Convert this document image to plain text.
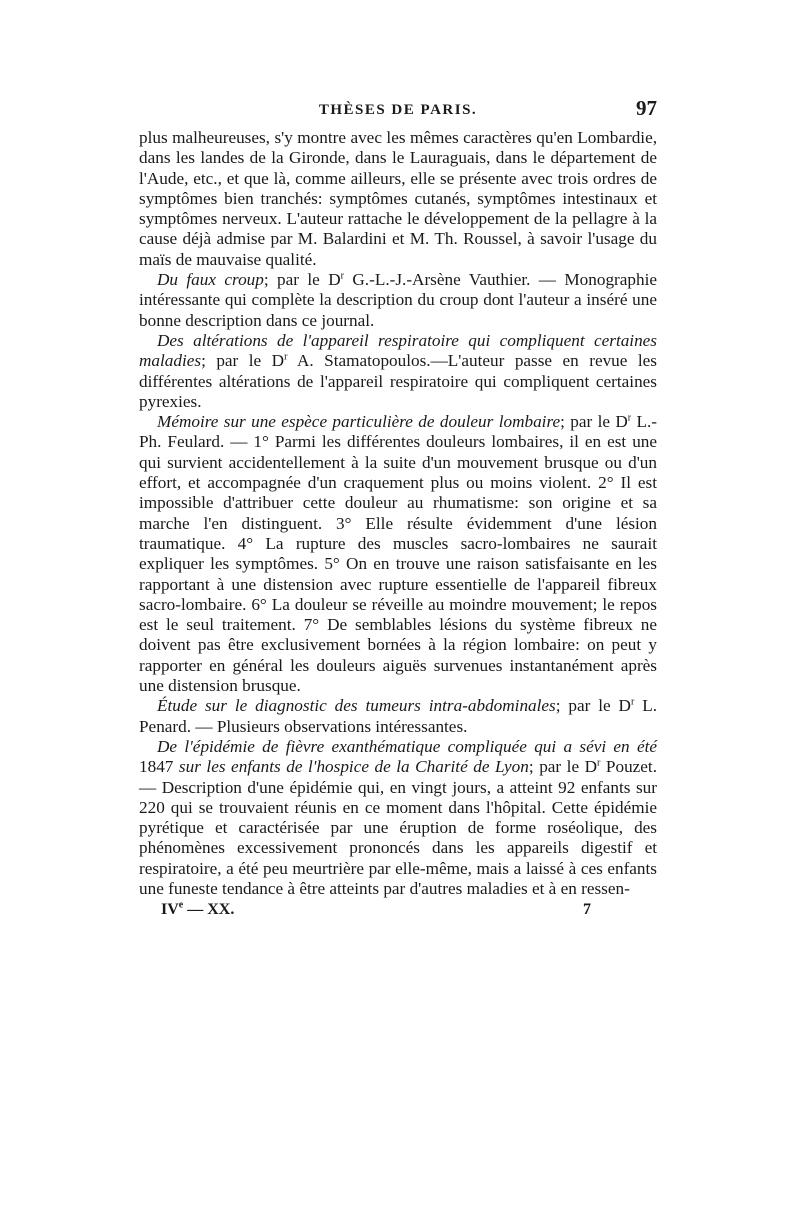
THÈSES DE PARIS.	97

plus malheureuses, s'y montre avec les mêmes caractères qu'en Lombardie, dans les landes de la Gironde, dans le Lauraguais, dans le département de l'Aude, etc., et que là, comme ailleurs, elle se présente avec trois ordres de symptômes bien tranchés: symptômes cutanés, symptômes intestinaux et symptômes nerveux. L'auteur rattache le développement de la pellagre à la cause déjà admise par M. Balardini et M. Th. Roussel, à savoir l'usage du maïs de mauvaise qualité.

Du faux croup; par le $D^r$ G.-L.-J.-Arsène Vauthier. — Monographie intéressante qui complète la description du croup dont l'auteur a inséré une bonne description dans ce journal.

Des altérations de l'appareil respiratoire qui compliquent certaines maladies; par le $D^r$ A. Stamatopoulos.—L'auteur passe en revue les différentes altérations de l'appareil respiratoire qui compliquent certaines pyrexies.

Mémoire sur une espèce particulière de douleur lombaire; par le $D^r$ L.-Ph. Feulard. — 1° Parmi les différentes douleurs lombaires, il en est une qui survient accidentellement à la suite d'un mouvement brusque ou d'un effort, et accompagnée d'un craquement plus ou moins violent. 2° Il est impossible d'attribuer cette douleur au rhumatisme: son origine et sa marche l'en distinguent. 3° Elle résulte évidemment d'une lésion traumatique. 4° La rupture des muscles sacro-lombaires ne saurait expliquer les symptômes. 5° On en trouve une raison satisfaisante en les rapportant à une distension avec rupture essentielle de l'appareil fibreux sacro-lombaire. 6° La douleur se réveille au moindre mouvement; le repos est le seul traitement. 7° De semblables lésions du système fibreux ne doivent pas être exclusivement bornées à la région lombaire: on peut y rapporter en général les douleurs aiguës survenues instantanément après une distension brusque.

Étude sur le diagnostic des tumeurs intra-abdominales; par le $D^r$ L. Penard. — Plusieurs observations intéressantes.

De l'épidémie de fièvre exanthématique compliquée qui a sévi en été 1847 sur les enfants de l'hospice de la Charité de Lyon; par le $D^r$ Pouzet. — Description d'une épidémie qui, en vingt jours, a atteint 92 enfants sur 220 qui se trouvaient réunis en ce moment dans l'hôpital. Cette épidémie pyrétique et caractérisée par une éruption de forme roséolique, des phénomènes excessivement prononcés dans les appareils digestif et respiratoire, a été peu meurtrière par elle-même, mais a laissé à ces enfants une funeste tendance à être atteints par d'autres maladies et à en ressen-

IVe — XX.	7
